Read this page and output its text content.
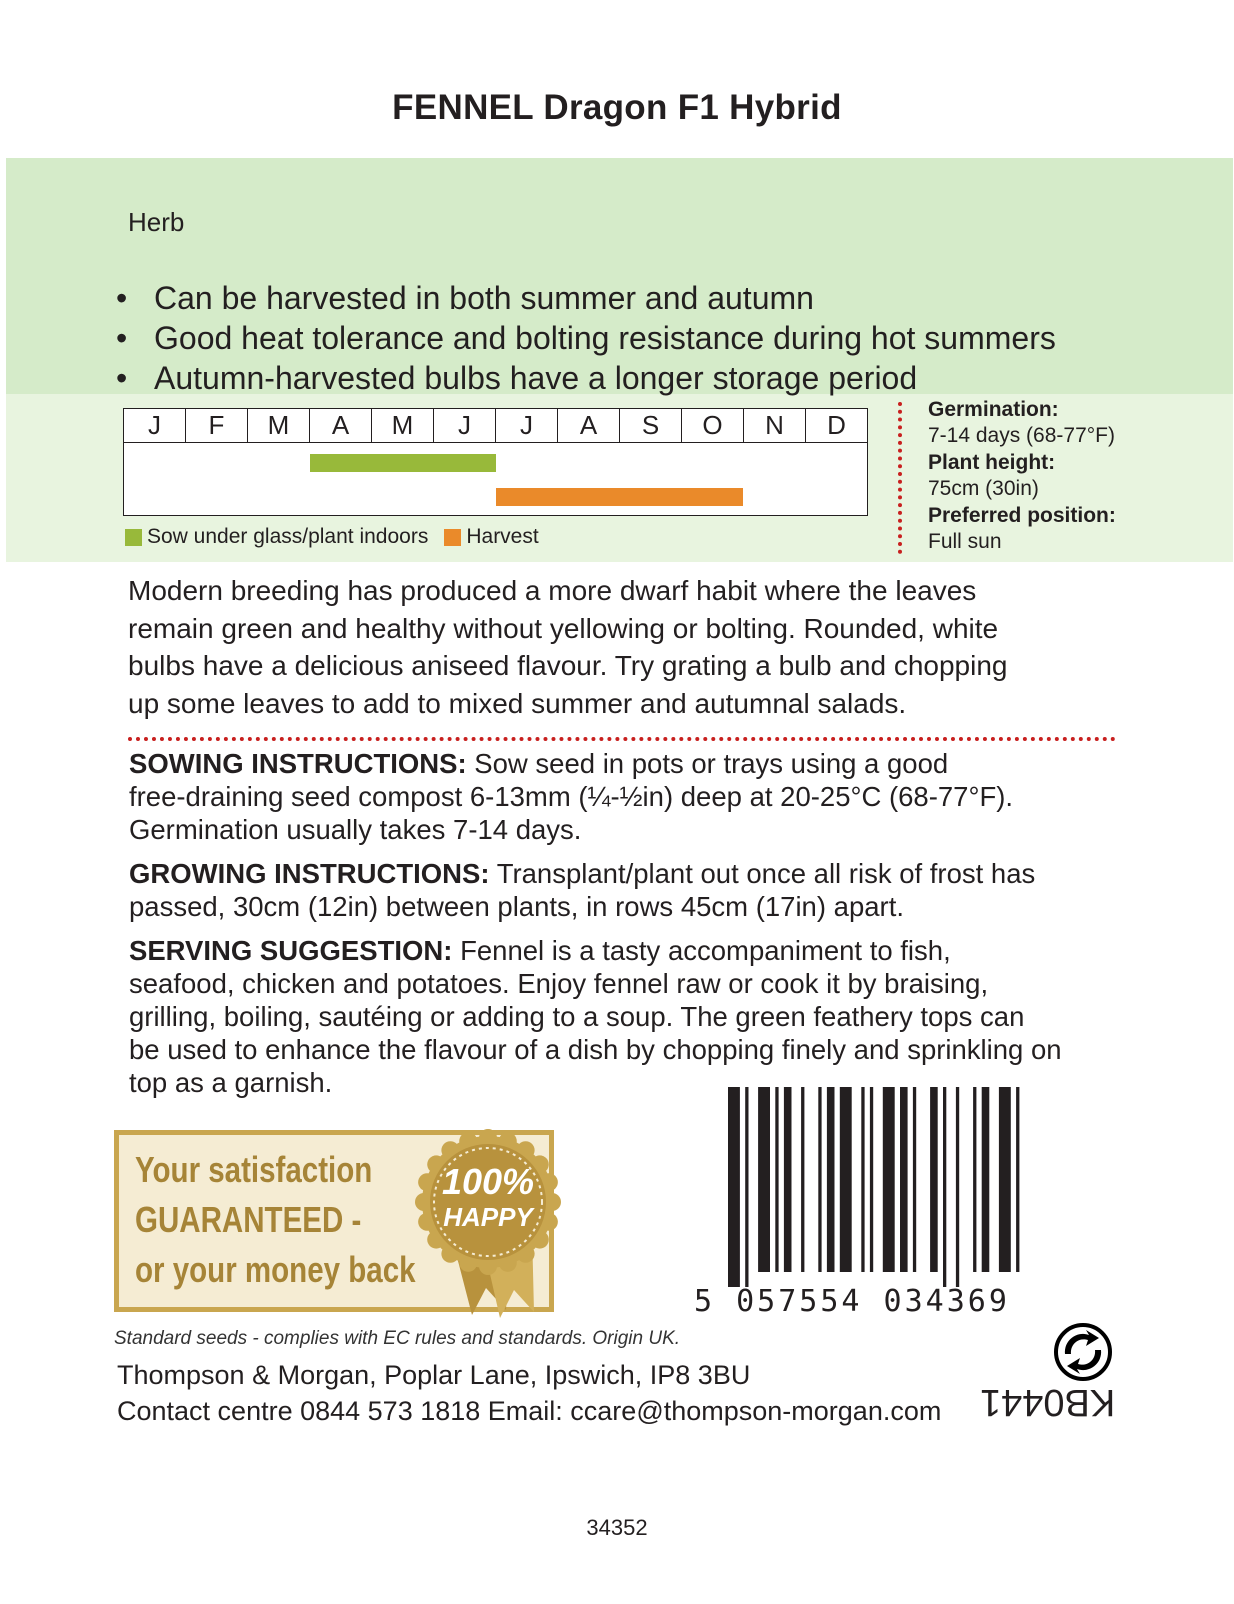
FENNEL Dragon F1 Hybrid
Herb
• Can be harvested in both summer and autumn
• Good heat tolerance and bolting resistance during hot summers
• Autumn-harvested bulbs have a longer storage period
J	F	M	A	M	J	J	A	S	O	N	D
Sow under glass/plant indoors Harvest
Germination:
7-14 days (68-77°F)
Plant height:
75cm (30in)
Preferred position:
Full sun
Modern breeding has produced a more dwarf habit where the leaves
remain green and healthy without yellowing or bolting. Rounded, white
bulbs have a delicious aniseed flavour. Try grating a bulb and chopping
up some leaves to add to mixed summer and autumnal salads.
SOWING INSTRUCTIONS: Sow seed in pots or trays using a good
free-draining seed compost 6-13mm (¼-½in) deep at 20-25°C (68-77°F).
Germination usually takes 7-14 days.
GROWING INSTRUCTIONS: Transplant/plant out once all risk of frost has
passed, 30cm (12in) between plants, in rows 45cm (17in) apart.
SERVING SUGGESTION: Fennel is a tasty accompaniment to fish,
seafood, chicken and potatoes. Enjoy fennel raw or cook it by braising,
grilling, boiling, sautéing or adding to a soup. The green feathery tops can
be used to enhance the flavour of a dish by chopping finely and sprinkling on
top as a garnish.
Your satisfaction
GUARANTEED -
or your money back
100%
HAPPY
5 057554 034369
Standard seeds - complies with EC rules and standards. Origin UK.
Thompson & Morgan, Poplar Lane, Ipswich, IP8 3BU
Contact centre 0844 573 1818 Email: ccare@thompson-morgan.com KB0441
34352
